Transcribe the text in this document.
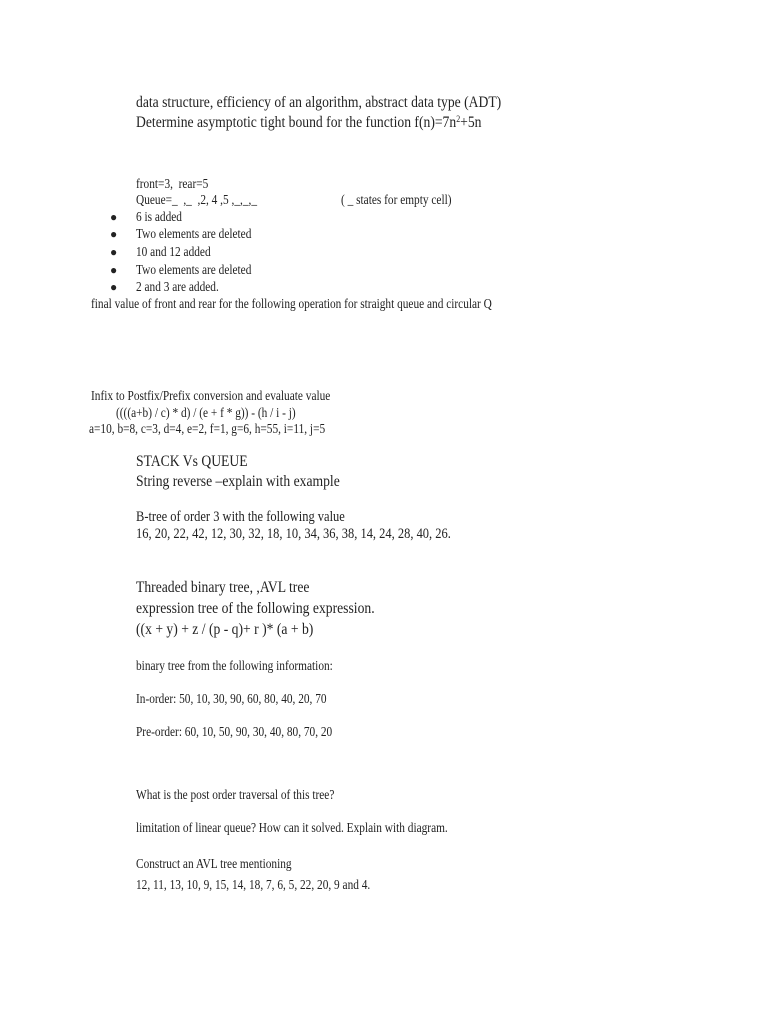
data structure, efficiency of an algorithm, abstract data type (ADT)
Determine asymptotic tight bound for the function $f(n)=7n^2+5n$
front=3,  rear=5
Queue=_  ,_  ,2, 4 ,5 ,_,_,_	( _ states for empty cell)
● 6 is added
● Two elements are deleted
● 10 and 12 added
● Two elements are deleted
● 2 and 3 are added.
final value of front and rear for the following operation for straight queue and circular Q
Infix to Postfix/Prefix conversion and evaluate value
((((a+b) / c) * d) / (e + f * g)) - (h / i - j)
a=10, b=8, c=3, d=4, e=2, f=1, g=6, h=55, i=11, j=5
STACK Vs QUEUE
String reverse –explain with example
B-tree of order 3 with the following value
16, 20, 22, 42, 12, 30, 32, 18, 10, 34, 36, 38, 14, 24, 28, 40, 26.
Threaded binary tree, ,AVL tree
expression tree of the following expression.
((x + y) + z / (p - q)+ r )* (a + b)
binary tree from the following information:
In-order: 50, 10, 30, 90, 60, 80, 40, 20, 70
Pre-order: 60, 10, 50, 90, 30, 40, 80, 70, 20
What is the post order traversal of this tree?
limitation of linear queue? How can it solved. Explain with diagram.
Construct an AVL tree mentioning
12, 11, 13, 10, 9, 15, 14, 18, 7, 6, 5, 22, 20, 9 and 4.
